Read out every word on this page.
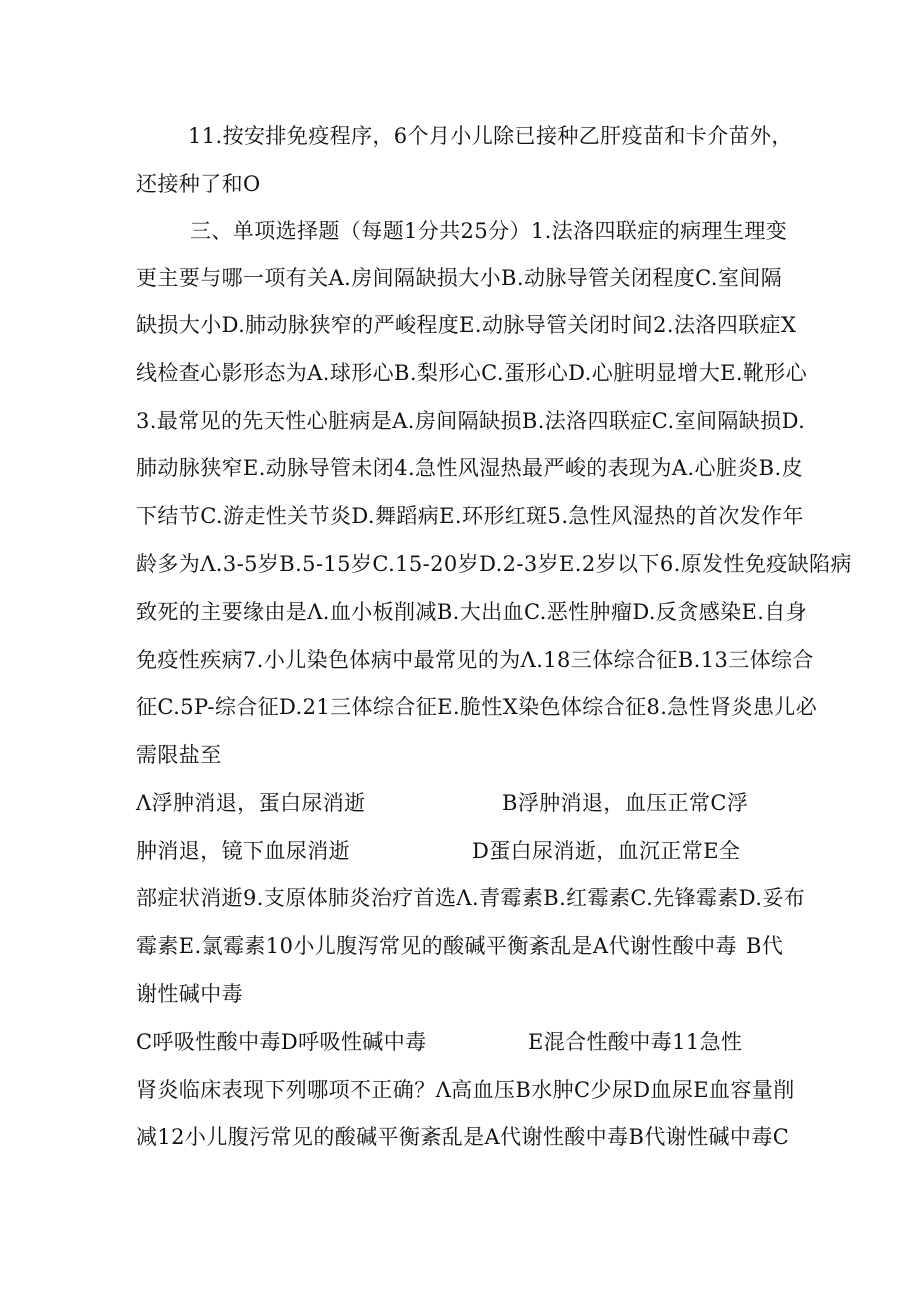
11.按安排免疫程序，6个月小儿除已接种乙肝疫苗和卡介苗外，
还接种了和O
三、单项选择题（每题1分共25分）1.法洛四联症的病理生理变
更主要与哪一项有关A.房间隔缺损大小B.动脉导管关闭程度C.室间隔
缺损大小D.肺动脉狭窄的严峻程度E.动脉导管关闭时间2.法洛四联症X
线检查心影形态为A.球形心B.梨形心C.蛋形心D.心脏明显增大E.靴形心
3.最常见的先天性心脏病是A.房间隔缺损B.法洛四联症C.室间隔缺损D.
肺动脉狭窄E.动脉导管未闭4.急性风湿热最严峻的表现为A.心脏炎B.皮
下结节C.游走性关节炎D.舞蹈病E.环形红斑5.急性风湿热的首次发作年
龄多为Λ.3-5岁B.5-15岁C.15-20岁D.2-3岁E.2岁以下6.原发性免疫缺陷病
致死的主要缘由是Λ.血小板削减B.大出血C.恶性肿瘤D.反贪感染E.自身
免疫性疾病7.小儿染色体病中最常见的为Λ.18三体综合征B.13三体综合
征C.5P-综合征D.21三体综合征E.脆性X染色体综合征8.急性肾炎患儿必
需限盐至
Λ浮肿消退，蛋白尿消逝	B浮肿消退，血压正常C浮
肿消退，镜下血尿消逝	D蛋白尿消逝，血沉正常E全
部症状消逝9.支原体肺炎治疗首选Λ.青霉素B.红霉素C.先锋霉素D.妥布
霉素E.氯霉素10小儿腹泻常见的酸碱平衡紊乱是A代谢性酸中毒 B代
谢性碱中毒
C呼吸性酸中毒D呼吸性碱中毒	E混合性酸中毒11急性
肾炎临床表现下列哪项不正确？Λ高血压B水肿C少尿D血尿E血容量削
减12小儿腹污常见的酸碱平衡紊乱是A代谢性酸中毒B代谢性碱中毒C
